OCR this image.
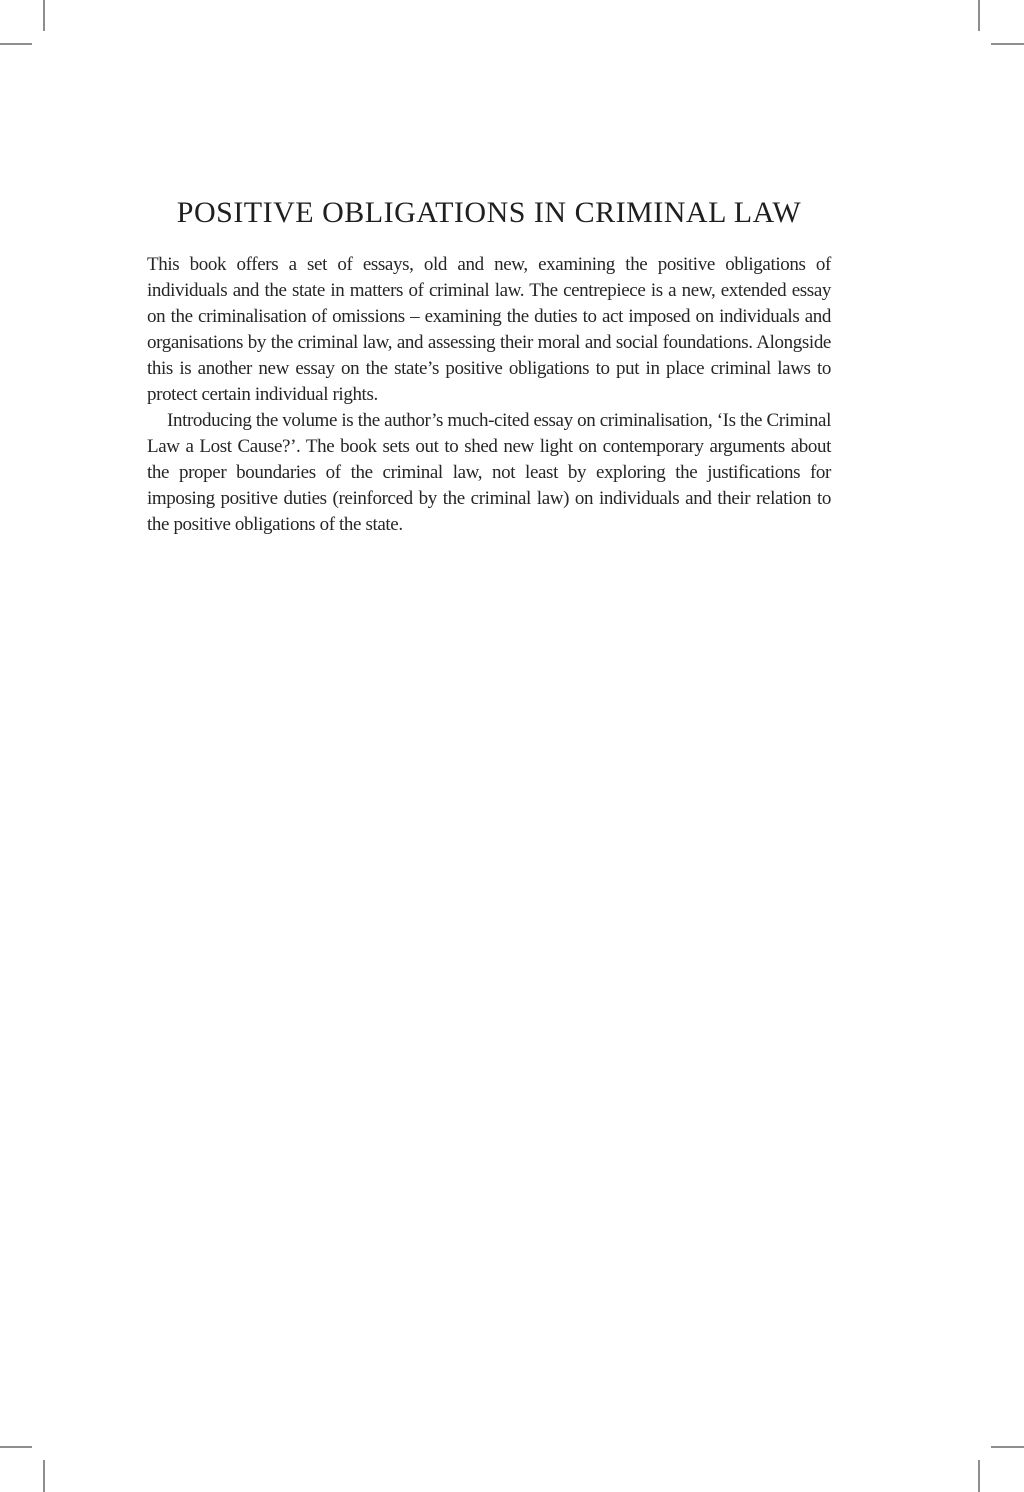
POSITIVE OBLIGATIONS IN CRIMINAL LAW

This book offers a set of essays, old and new, examining the positive obligations of individuals and the state in matters of criminal law. The centrepiece is a new, extended essay on the criminalisation of omissions – examining the duties to act imposed on individuals and organisations by the criminal law, and assessing their moral and social foundations. Alongside this is another new essay on the state’s positive obligations to put in place criminal laws to protect certain individual rights.

Introducing the volume is the author’s much-cited essay on criminalisation, ‘Is the Criminal Law a Lost Cause?’. The book sets out to shed new light on contemporary arguments about the proper boundaries of the criminal law, not least by exploring the justifications for imposing positive duties (reinforced by the criminal law) on individuals and their relation to the positive obligations of the state.
